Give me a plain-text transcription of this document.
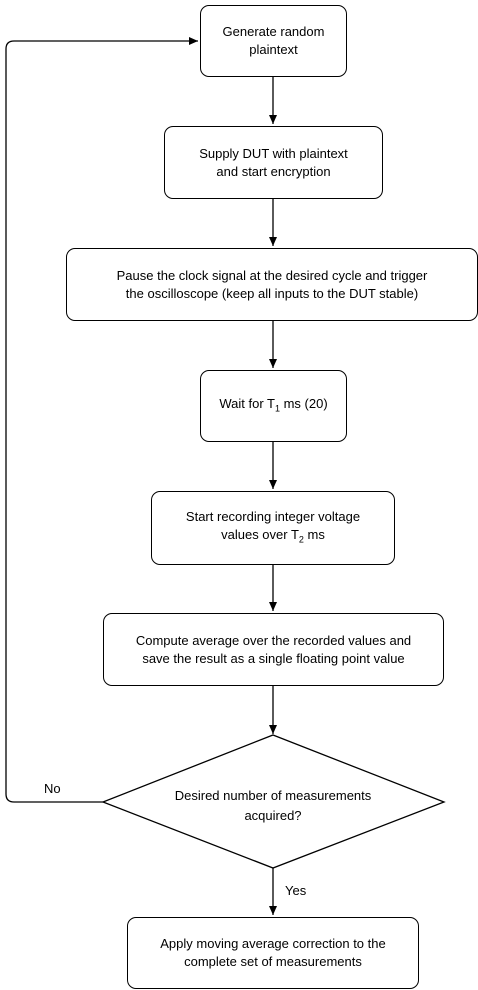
Generate random
plaintext
Supply DUT with plaintext
and start encryption
Pause the clock signal at the desired cycle and trigger
the oscilloscope (keep all inputs to the DUT stable)
Wait for $T_1$ ms (20)
Start recording integer voltage
values over $T_2$ ms
Compute average over the recorded values and
save the result as a single floating point value
Desired number of measurements
acquired?
No
Yes
Apply moving average correction to the
complete set of measurements
